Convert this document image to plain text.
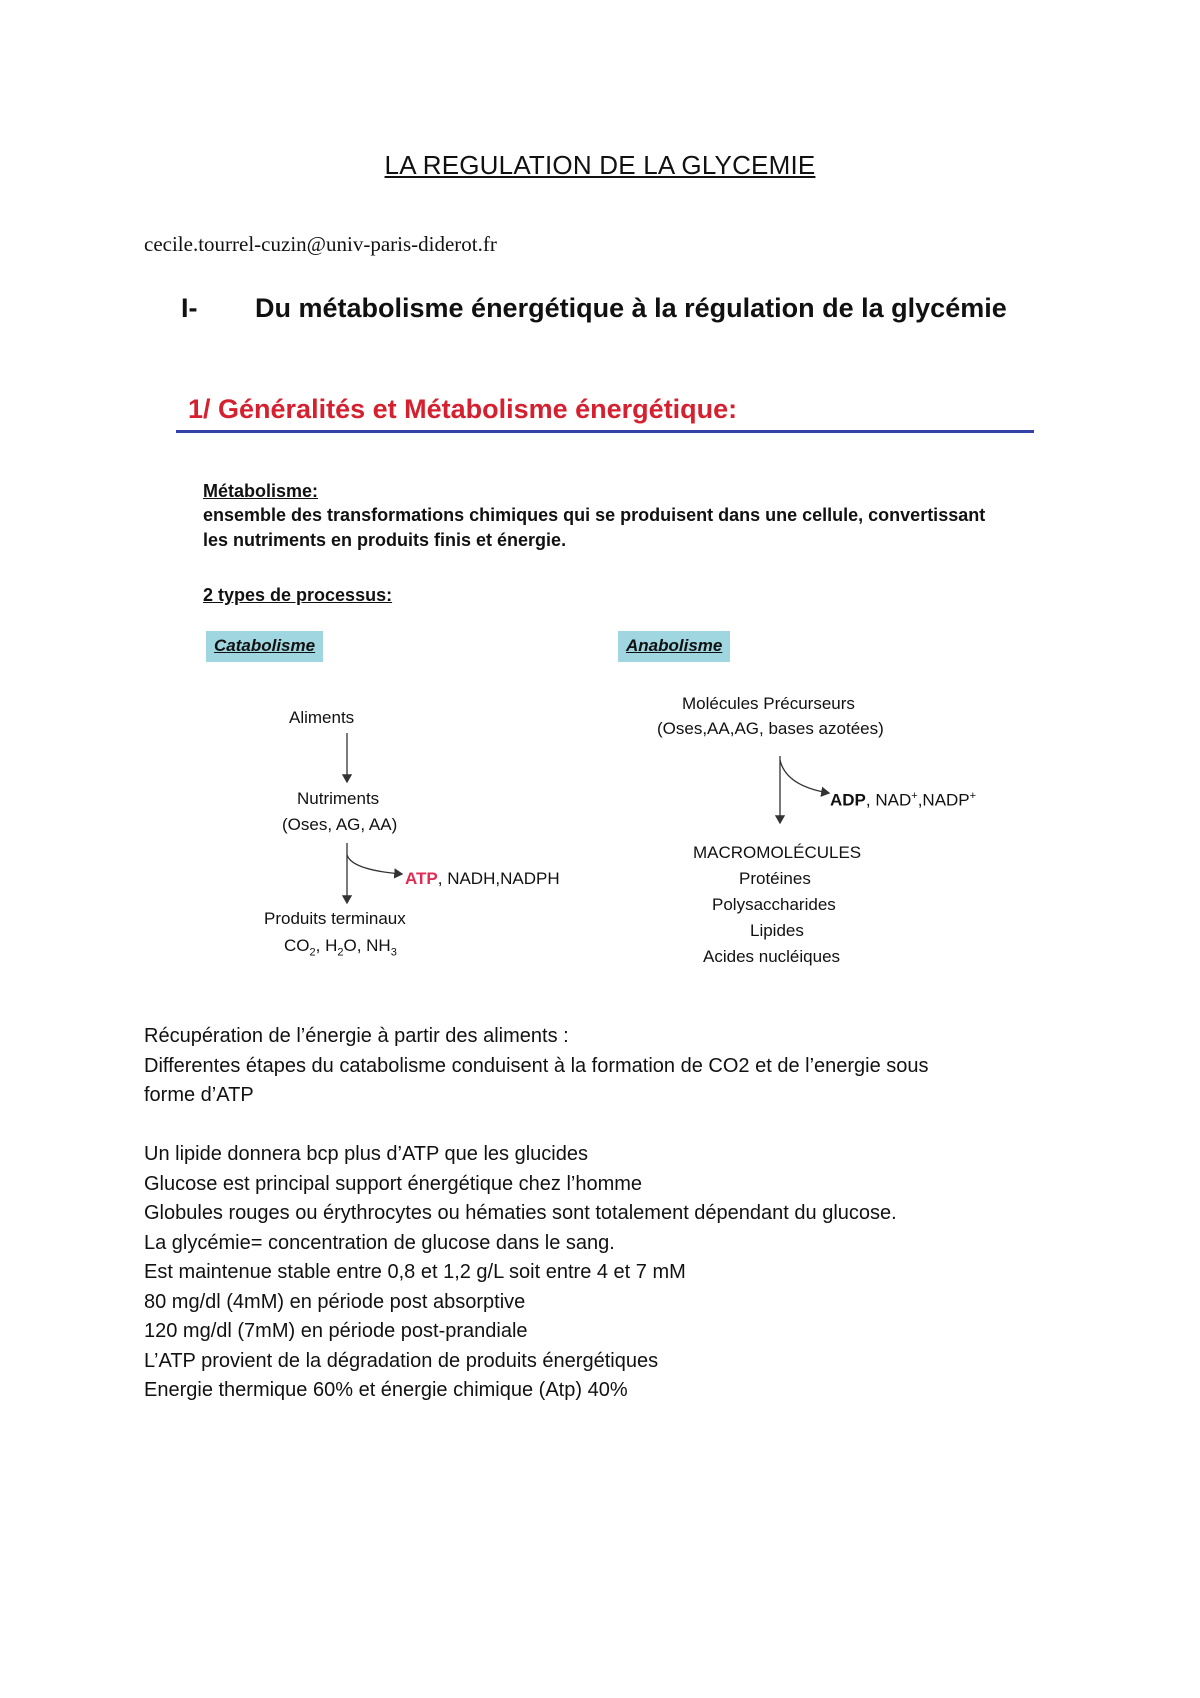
LA REGULATION DE LA GLYCEMIE
cecile.tourrel-cuzin@univ-paris-diderot.fr
I- Du métabolisme énergétique à la régulation de la glycémie
1/ Généralités et Métabolisme énergétique:
Métabolisme:
ensemble des transformations chimiques qui se produisent dans une cellule, convertissant
les nutriments en produits finis et énergie.
2 types de processus:
Catabolisme
Aliments
Nutriments
(Oses, AG, AA)
ATP, NADH,NADPH
Produits terminaux
$CO_2$, $H_2O$, $NH_3$
Anabolisme
Molécules Précurseurs
(Oses,AA,AG, bases azotées)
ADP, NAD+,NADP+
MACROMOLÉCULES
Protéines
Polysaccharides
Lipides
Acides nucléiques
Récupération de l’énergie à partir des aliments :
Differentes étapes du catabolisme conduisent à la formation de CO2 et de l’energie sous
forme d’ATP
Un lipide donnera bcp plus d’ATP que les glucides
Glucose est principal support énergétique chez l’homme
Globules rouges ou érythrocytes ou hématies sont totalement dépendant du glucose.
La glycémie= concentration de glucose dans le sang.
Est maintenue stable entre 0,8 et 1,2 g/L soit entre 4 et 7 mM
80 mg/dl (4mM) en période post absorptive
120 mg/dl (7mM) en période post-prandiale
L’ATP provient de la dégradation de produits énergétiques
Energie thermique 60% et énergie chimique (Atp) 40%
